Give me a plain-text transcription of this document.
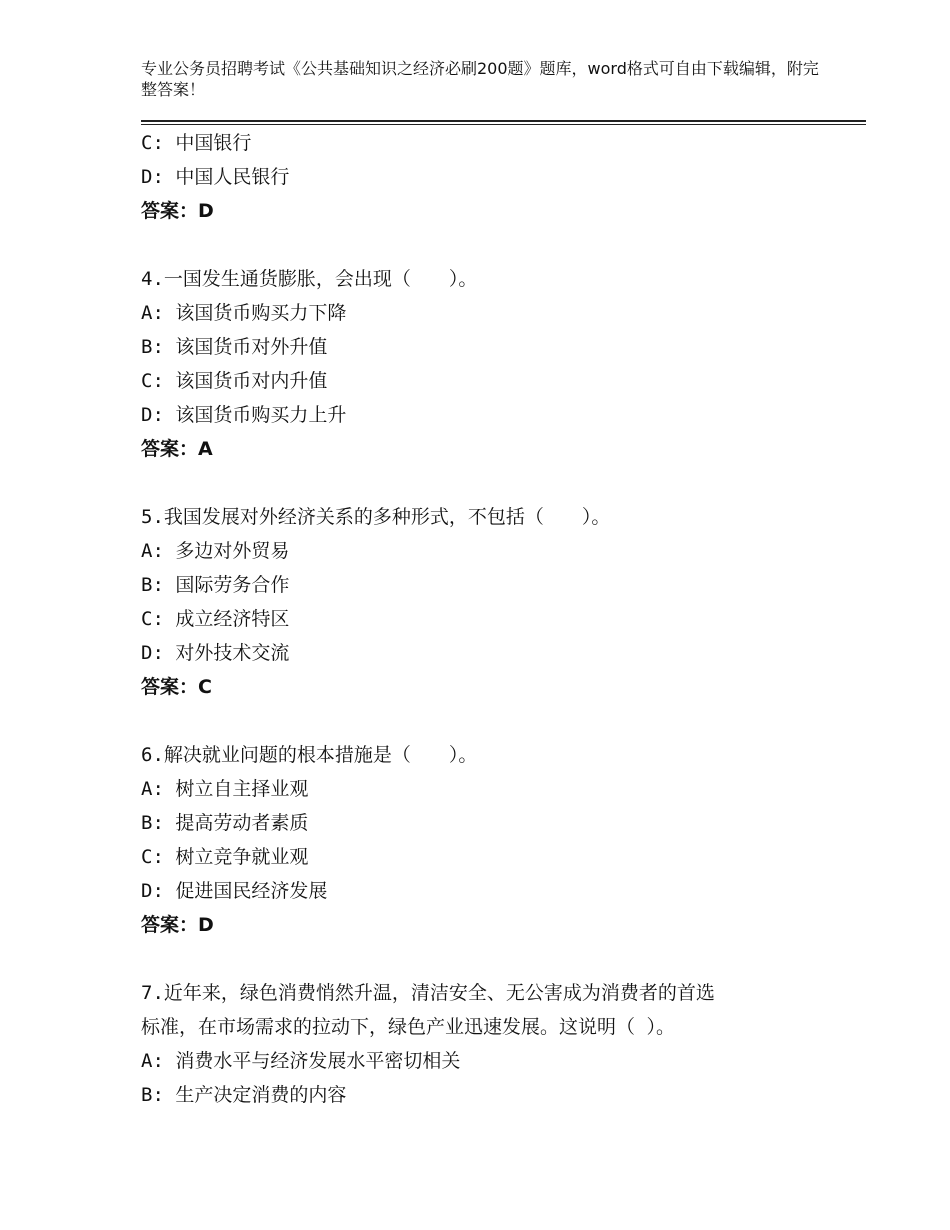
专业公务员招聘考试《公共基础知识之经济必刷200题》题库，word格式可自由下载编辑，附完整答案！
C: 中国银行
D: 中国人民银行
答案：D
4.一国发生通货膨胀，会出现（　　）。
A: 该国货币购买力下降
B: 该国货币对外升值
C: 该国货币对内升值
D: 该国货币购买力上升
答案：A
5.我国发展对外经济关系的多种形式，不包括（　　）。
A: 多边对外贸易
B: 国际劳务合作
C: 成立经济特区
D: 对外技术交流
答案：C
6.解决就业问题的根本措施是（　　）。
A: 树立自主择业观
B: 提高劳动者素质
C: 树立竞争就业观
D: 促进国民经济发展
答案：D
7.近年来，绿色消费悄然升温，清洁安全、无公害成为消费者的首选
标准，在市场需求的拉动下，绿色产业迅速发展。这说明（ ）。
A: 消费水平与经济发展水平密切相关
B: 生产决定消费的内容
